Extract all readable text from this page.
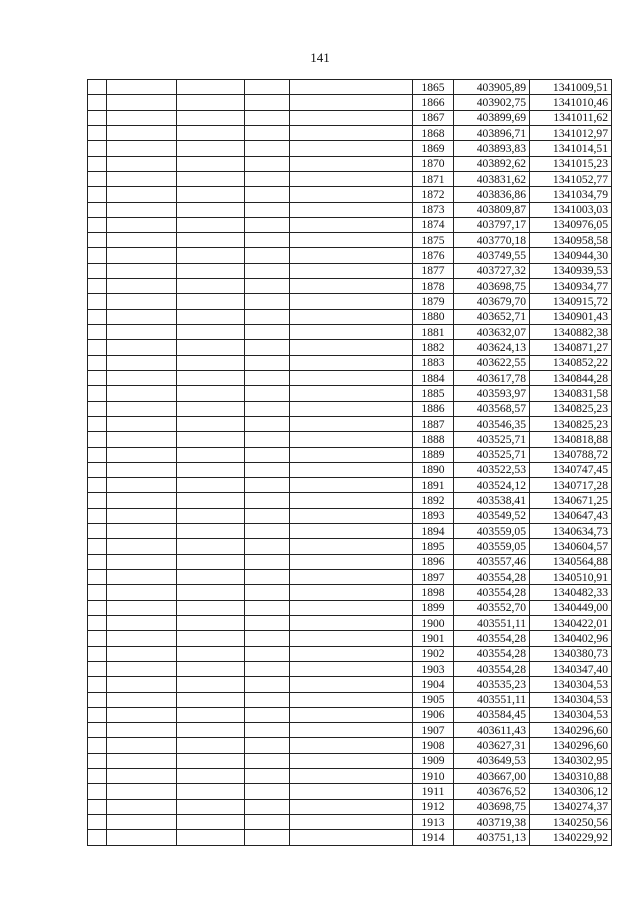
141
					1865	403905,89	1341009,51
					1866	403902,75	1341010,46
					1867	403899,69	1341011,62
					1868	403896,71	1341012,97
					1869	403893,83	1341014,51
					1870	403892,62	1341015,23
					1871	403831,62	1341052,77
					1872	403836,86	1341034,79
					1873	403809,87	1341003,03
					1874	403797,17	1340976,05
					1875	403770,18	1340958,58
					1876	403749,55	1340944,30
					1877	403727,32	1340939,53
					1878	403698,75	1340934,77
					1879	403679,70	1340915,72
					1880	403652,71	1340901,43
					1881	403632,07	1340882,38
					1882	403624,13	1340871,27
					1883	403622,55	1340852,22
					1884	403617,78	1340844,28
					1885	403593,97	1340831,58
					1886	403568,57	1340825,23
					1887	403546,35	1340825,23
					1888	403525,71	1340818,88
					1889	403525,71	1340788,72
					1890	403522,53	1340747,45
					1891	403524,12	1340717,28
					1892	403538,41	1340671,25
					1893	403549,52	1340647,43
					1894	403559,05	1340634,73
					1895	403559,05	1340604,57
					1896	403557,46	1340564,88
					1897	403554,28	1340510,91
					1898	403554,28	1340482,33
					1899	403552,70	1340449,00
					1900	403551,11	1340422,01
					1901	403554,28	1340402,96
					1902	403554,28	1340380,73
					1903	403554,28	1340347,40
					1904	403535,23	1340304,53
					1905	403551,11	1340304,53
					1906	403584,45	1340304,53
					1907	403611,43	1340296,60
					1908	403627,31	1340296,60
					1909	403649,53	1340302,95
					1910	403667,00	1340310,88
					1911	403676,52	1340306,12
					1912	403698,75	1340274,37
					1913	403719,38	1340250,56
					1914	403751,13	1340229,92
